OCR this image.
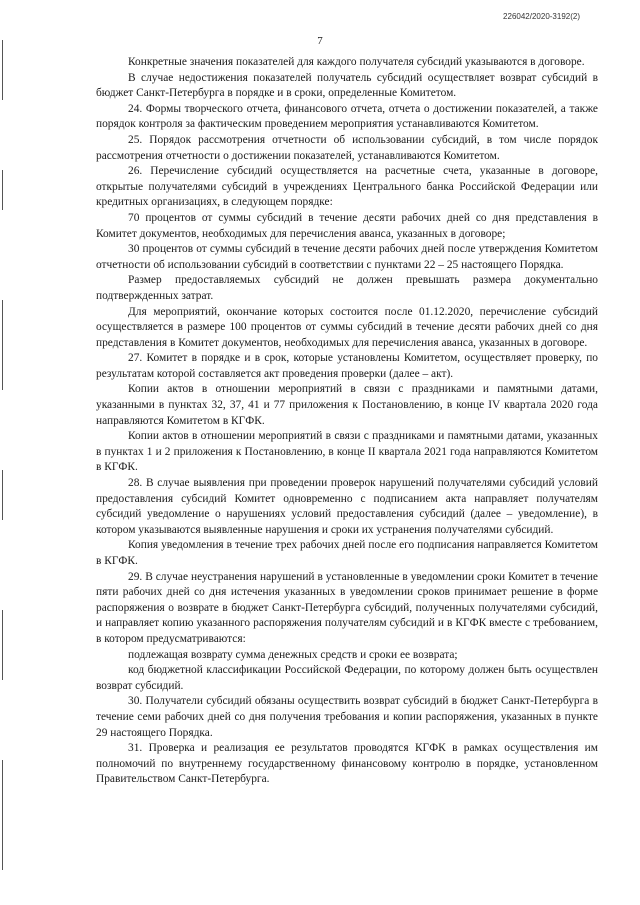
226042/2020-3192(2)
7

Конкретные значения показателей для каждого получателя субсидий указываются в договоре.

В случае недостижения показателей получатель субсидий осуществляет возврат субсидий в бюджет Санкт-Петербурга в порядке и в сроки, определенные Комитетом.

24. Формы творческого отчета, финансового отчета, отчета о достижении показателей, а также порядок контроля за фактическим проведением мероприятия устанавливаются Комитетом.

25. Порядок рассмотрения отчетности об использовании субсидий, в том числе порядок рассмотрения отчетности о достижении показателей, устанавливаются Комитетом.

26. Перечисление субсидий осуществляется на расчетные счета, указанные в договоре, открытые получателями субсидий в учреждениях Центрального банка Российской Федерации или кредитных организациях, в следующем порядке:

70 процентов от суммы субсидий в течение десяти рабочих дней со дня представления в Комитет документов, необходимых для перечисления аванса, указанных в договоре;

30 процентов от суммы субсидий в течение десяти рабочих дней после утверждения Комитетом отчетности об использовании субсидий в соответствии с пунктами 22 – 25 настоящего Порядка.

Размер предоставляемых субсидий не должен превышать размера документально подтвержденных затрат.

Для мероприятий, окончание которых состоится после 01.12.2020, перечисление субсидий осуществляется в размере 100 процентов от суммы субсидий в течение десяти рабочих дней со дня представления в Комитет документов, необходимых для перечисления аванса, указанных в договоре.

27. Комитет в порядке и в срок, которые установлены Комитетом, осуществляет проверку, по результатам которой составляется акт проведения проверки (далее – акт).

Копии актов в отношении мероприятий в связи с праздниками и памятными датами, указанными в пунктах 32, 37, 41 и 77 приложения к Постановлению, в конце IV квартала 2020 года направляются Комитетом в КГФК.

Копии актов в отношении мероприятий в связи с праздниками и памятными датами, указанных в пунктах 1 и 2 приложения к Постановлению, в конце II квартала 2021 года направляются Комитетом в КГФК.

28. В случае выявления при проведении проверок нарушений получателями субсидий условий предоставления субсидий Комитет одновременно с подписанием акта направляет получателям субсидий уведомление о нарушениях условий предоставления субсидий (далее – уведомление), в котором указываются выявленные нарушения и сроки их устранения получателями субсидий.

Копия уведомления в течение трех рабочих дней после его подписания направляется Комитетом в КГФК.

29. В случае неустранения нарушений в установленные в уведомлении сроки Комитет в течение пяти рабочих дней со дня истечения указанных в уведомлении сроков принимает решение в форме распоряжения о возврате в бюджет Санкт-Петербурга субсидий, полученных получателями субсидий, и направляет копию указанного распоряжения получателям субсидий и в КГФК вместе с требованием, в котором предусматриваются:

подлежащая возврату сумма денежных средств и сроки ее возврата;

код бюджетной классификации Российской Федерации, по которому должен быть осуществлен возврат субсидий.

30. Получатели субсидий обязаны осуществить возврат субсидий в бюджет Санкт-Петербурга в течение семи рабочих дней со дня получения требования и копии распоряжения, указанных в пункте 29 настоящего Порядка.

31. Проверка и реализация ее результатов проводятся КГФК в рамках осуществления им полномочий по внутреннему государственному финансовому контролю в порядке, установленном Правительством Санкт-Петербурга.
